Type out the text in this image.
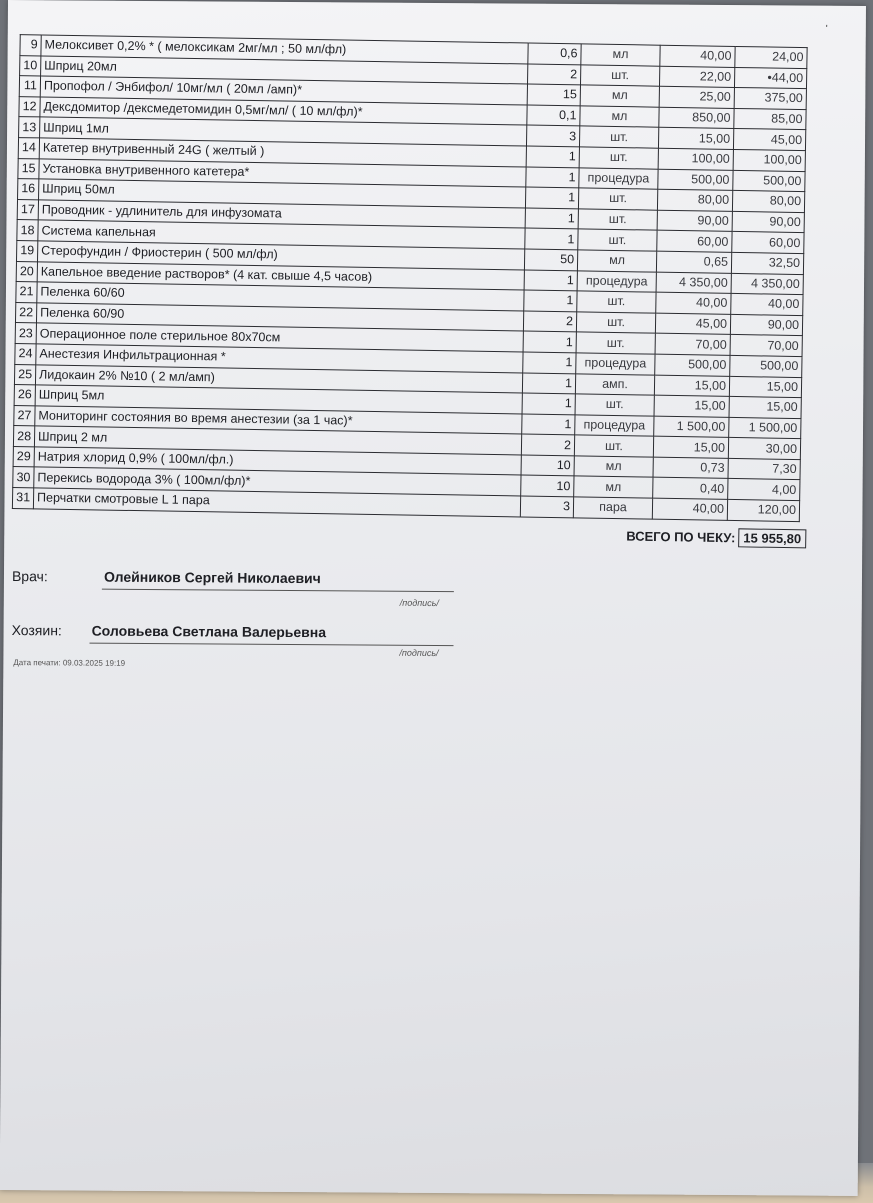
'
9	Мелоксивет 0,2% * ( мелоксикам 2мг/мл ; 50 мл/фл)	0,6	мл	40,00	24,00
10	Шприц 20мл	2	шт.	22,00	•44,00
11	Пропофол / Энбифол/ 10мг/мл ( 20мл /амп)*	15	мл	25,00	375,00
12	Дексдомитор /дексмедетомидин 0,5мг/мл/ ( 10 мл/фл)*	0,1	мл	850,00	85,00
13	Шприц 1мл	3	шт.	15,00	45,00
14	Катетер внутривенный 24G ( желтый )	1	шт.	100,00	100,00
15	Установка внутривенного катетера*	1	процедура	500,00	500,00
16	Шприц 50мл	1	шт.	80,00	80,00
17	Проводник - удлинитель для инфузомата	1	шт.	90,00	90,00
18	Система капельная	1	шт.	60,00	60,00
19	Стерофундин / Фриостерин ( 500 мл/фл)	50	мл	0,65	32,50
20	Капельное введение растворов* (4 кат. свыше 4,5 часов)	1	процедура	4 350,00	4 350,00
21	Пеленка 60/60	1	шт.	40,00	40,00
22	Пеленка 60/90	2	шт.	45,00	90,00
23	Операционное поле стерильное 80x70см	1	шт.	70,00	70,00
24	Анестезия Инфильтрационная *	1	процедура	500,00	500,00
25	Лидокаин 2% №10 ( 2 мл/амп)	1	амп.	15,00	15,00
26	Шприц 5мл	1	шт.	15,00	15,00
27	Мониторинг состояния во время анестезии (за 1 час)*	1	процедура	1 500,00	1 500,00
28	Шприц 2 мл	2	шт.	15,00	30,00
29	Натрия хлорид 0,9% ( 100мл/фл.)	10	мл	0,73	7,30
30	Перекись водорода 3% ( 100мл/фл)*	10	мл	0,40	4,00
31	Перчатки смотровые L 1 пара	3	пара	40,00	120,00
ВСЕГО ПО ЧЕКУ: 15 955,80
Врач:	Олейников Сергей Николаевич
/подпись/
Хозяин: Соловьева Светлана Валерьевна
/подпись/
Дата печати: 09.03.2025 19:19
